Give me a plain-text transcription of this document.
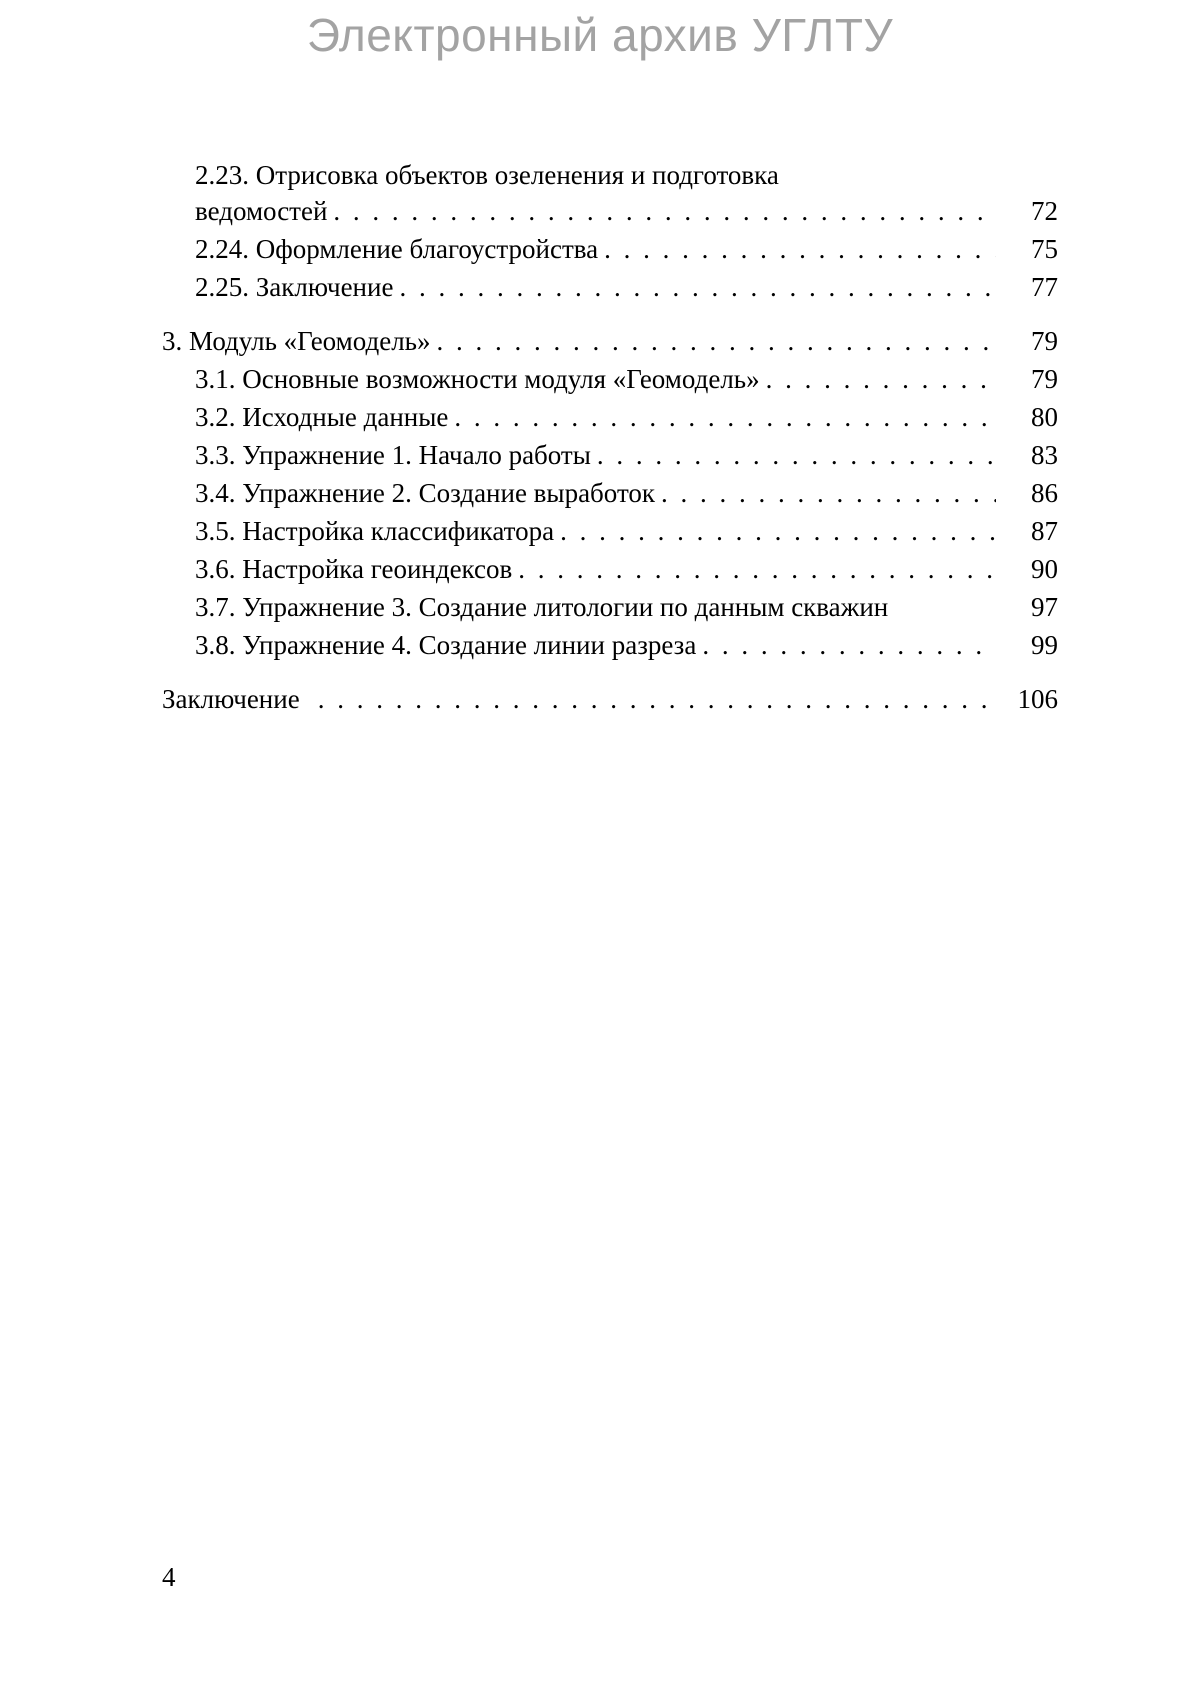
Электронный архив УГЛТУ
2.23. Отрисовка объектов озеленения и подготовка
ведомостей . . .	72
2.24. Оформление благоустройства . . .	75
2.25. Заключение . . .	77
3. Модуль «Геомодель» . . .	79
3.1. Основные возможности модуля «Геомодель» . . .	79
3.2. Исходные данные . . .	80
3.3. Упражнение 1. Начало работы . . .	83
3.4. Упражнение 2. Создание выработок . . .	86
3.5. Настройка классификатора . . .	87
3.6. Настройка геоиндексов . . .	90
3.7. Упражнение 3. Создание литологии по данным скважин	97
3.8. Упражнение 4. Создание линии разреза . . .	99
Заключение . . .	106
4
